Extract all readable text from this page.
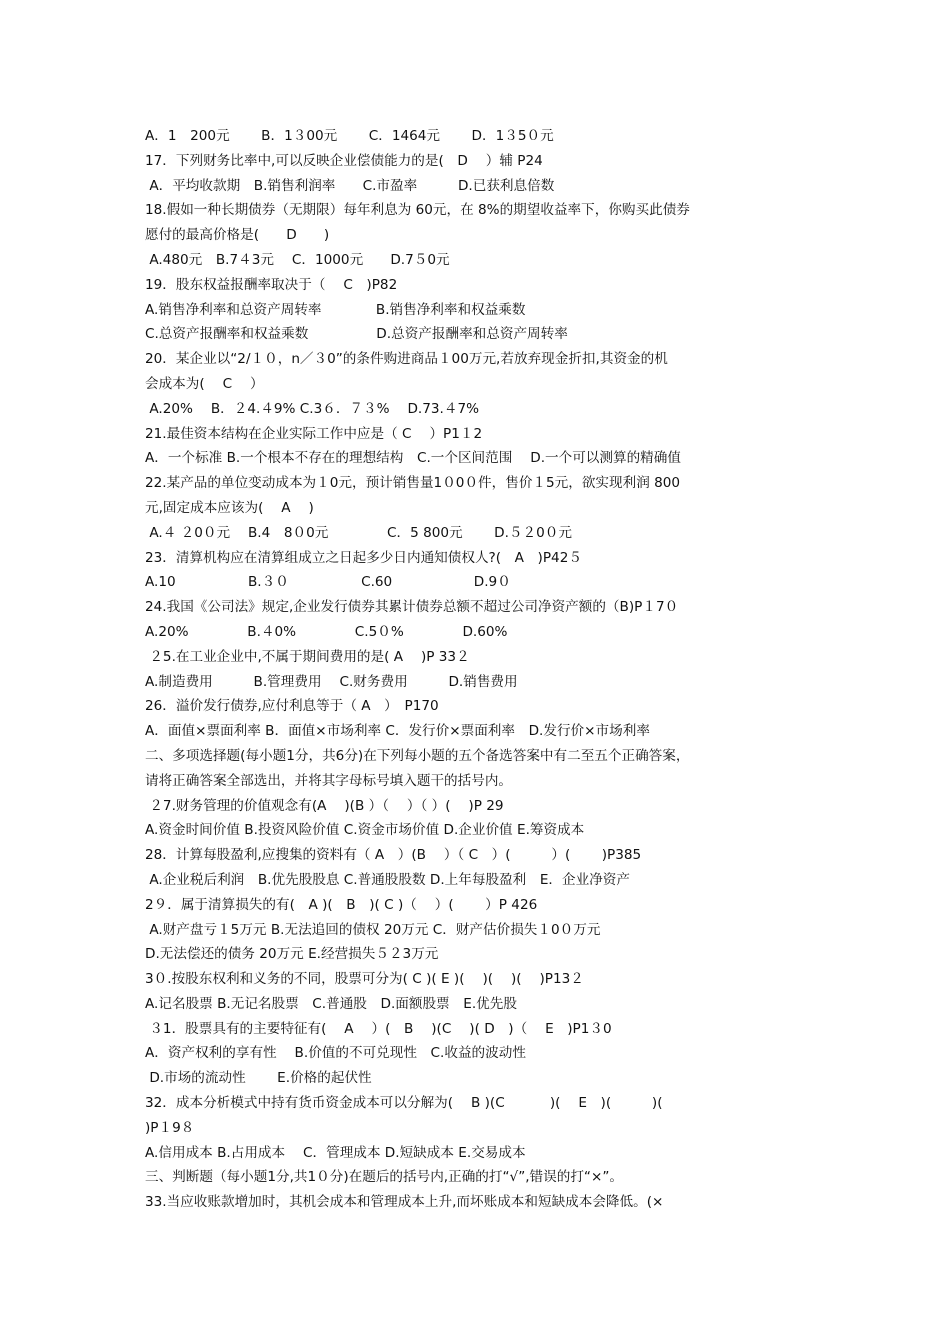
A．1　200元　　 B．1３00元　　 C．1464元　　 D．1３5０元
17．下列财务比率中,可以反映企业偿债能力的是(　D　 ）辅 P24
A．平均收款期　B.销售利润率　　C.市盈率　　　D.已获利息倍数
18.假如一种长期债券（无期限）每年利息为 60元，在 8%的期望收益率下，你购买此债券
愿付的最高价格是(　　D　　)
A.480元　B.7４3元　 C．1000元　　D.7５0元
19．股东权益报酬率取决于（　 C　)P82
A.销售净利率和总资产周转率　　　　B.销售净利率和权益乘数
C.总资产报酬率和权益乘数　　　　　D.总资产报酬率和总资产周转率
20．某企业以“2/１０，n／３0”的条件购进商品１00万元,若放弃现金折扣,其资金的机
会成本为(　 C　 ）
A.20%　 B．２4.４9% C.3６．７３%　 D.73.４7%
21.最佳资本结构在企业实际工作中应是（ C　 ）P1１2
A．一个标准 B.一个根本不存在的理想结构　C.一个区间范围　 D.一个可以测算的精确值
22.某产品的单位变动成本为１0元，预计销售量1０0０件，售价１5元，欲实现利润 800
元,固定成本应该为(　 A　 )
A.４ ２0０元　 B.4　8０0元　　　　 C．5 800元　　 D.５２0０元
23．清算机构应在清算组成立之日起多少日内通知债权人?(　A　)P42５
A.10　　　　　 B.３０　　　　　 C.60　　　　　　D.9０
24.我国《公司法》规定,企业发行债券其累计债券总额不超过公司净资产额的（B)P１7０
A.20%　　　　 B.４0%　　　　 C.5０%　　　　 D.60%
２5.在工业企业中,不属于期间费用的是( A　 )P 33２
A.制造费用　　　B.管理费用　 C.财务费用　　　D.销售费用
26．溢价发行债券,应付利息等于（ A　）　P170
A．面值×票面利率 B．面值×市场利率 C．发行价×票面利率　D.发行价×市场利率
二、多项选择题(每小题1分，共6分)在下列每小题的五个备选答案中有二至五个正确答案，
请将正确答案全部选出，并将其字母标号填入题干的括号内。
２7.财务管理的价值观念有(A　 )(B ）（　 ）（ ）(　 )P 29
A.资金时间价值 B.投资风险价值 C.资金市场价值 D.企业价值 E.筹资成本
28．计算每股盈利,应搜集的资料有（ A　）(B　 ）（ C　）(　　　）(　　 )P385
A.企业税后利润　B.优先股股息 C.普通股股数 D.上年每股盈利　E．企业净资产
2９．属于清算损失的有(　A )(　B　)( C )（　 ）(　　 ）P 426
A.财产盘亏１5万元 B.无法追回的债权 20万元 C．财产估价损失１0０万元
D.无法偿还的债务 20万元 E.经营损失５２3万元
3０.按股东权利和义务的不同，股票可分为( C )( E )(　 )(　 )(　 )P13２
A.记名股票 B.无记名股票　C.普通股　D.面额股票　E.优先股
３1．股票具有的主要特征有(　 A　 ）(　B　 )(C　 )( D　)（　 E　)P1３0
A．资产权利的享有性　 B.价值的不可兑现性　C.收益的波动性
D.市场的流动性　　 E.价格的起伏性
32．成本分析模式中持有货币资金成本可以分解为(　 B )(C　　　 )(　 E　)(　　　)(
)P１9８
A.信用成本 B.占用成本　 C．管理成本 D.短缺成本 E.交易成本
三、判断题（每小题1分,共1０分)在题后的括号内,正确的打“√”,错误的打“×”。
33.当应收账款增加时，其机会成本和管理成本上升,而坏账成本和短缺成本会降低。(×
